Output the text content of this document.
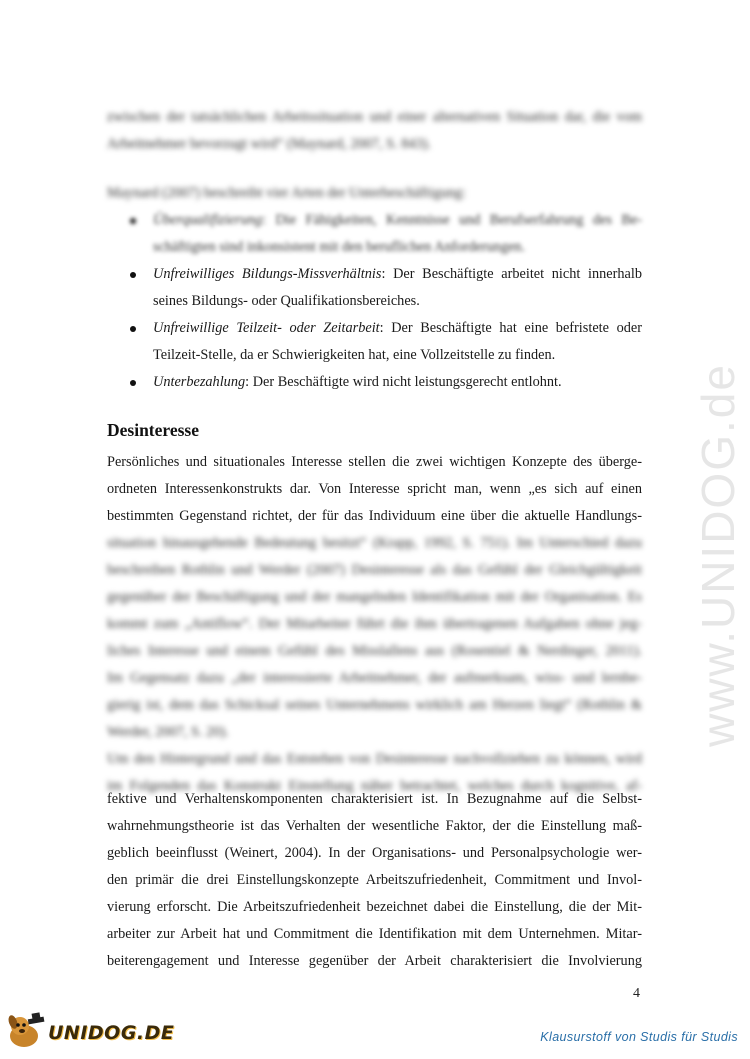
zwischen der tatsächlichen Arbeitssituation und einer alternativen Situation dar, die vom
Arbeitnehmer bevorzugt wird“ (Maynard, 2007, S. 843).
Maynard (2007) beschreibt vier Arten der Unterbeschäftigung:
Überqualifizierung: Die Fähigkeiten, Kenntnisse und Berufserfahrung des Be-
schäftigten sind inkonsistent mit den beruflichen Anforderungen.
Unfreiwilliges Bildungs-Missverhältnis: Der Beschäftigte arbeitet nicht innerhalb
seines Bildungs- oder Qualifikationsbereiches.
Unfreiwillige Teilzeit- oder Zeitarbeit: Der Beschäftigte hat eine befristete oder
Teilzeit-Stelle, da er Schwierigkeiten hat, eine Vollzeitstelle zu finden.
Unterbezahlung: Der Beschäftigte wird nicht leistungsgerecht entlohnt.
Desinteresse
Persönliches und situationales Interesse stellen die zwei wichtigen Konzepte des überge-
ordneten Interessenkonstrukts dar. Von Interesse spricht man, wenn „es sich auf einen
bestimmten Gegenstand richtet, der für das Individuum eine über die aktuelle Handlungs-
situation hinausgehende Bedeutung besitzt“ (Krapp, 1992, S. 751). Im Unterschied dazu
beschreiben Rothlin und Werder (2007) Desinteresse als das Gefühl der Gleichgültigkeit
gegenüber der Beschäftigung und der mangelnden Identifikation mit der Organisation. Es
kommt zum „Antiflow“. Der Mitarbeiter führt die ihm übertragenen Aufgaben ohne jeg-
liches Interesse und einem Gefühl des Misslallens aus (Rosentiel & Nerdinger, 2011).
Im Gegensatz dazu „der interessierte Arbeitnehmer, der aufmerksam, wiss- und lernbe-
gierig ist, dem das Schicksal seines Unternehmens wirklich am Herzen liegt“ (Rothlin &
Werder, 2007, S. 20).
Um den Hintergrund und das Entstehen von Desinteresse nachvollziehen zu können, wird
im Folgenden das Konstrukt Einstellung näher betrachtet, welches durch kognitive, af-
fektive und Verhaltenskomponenten charakterisiert ist. In Bezugnahme auf die Selbst-
wahrnehmungstheorie ist das Verhalten der wesentliche Faktor, der die Einstellung maß-
geblich beeinflusst (Weinert, 2004). In der Organisations- und Personalpsychologie wer-
den primär die drei Einstellungskonzepte Arbeitszufriedenheit, Commitment und Invol-
vierung erforscht. Die Arbeitszufriedenheit bezeichnet dabei die Einstellung, die der Mit-
arbeiter zur Arbeit hat und Commitment die Identifikation mit dem Unternehmen. Mitar-
beiterengagement und Interesse gegenüber der Arbeit charakterisiert die Involvierung
www.UNIDOG.de
4
UNIDOG.DE	Klausurstoff von Studis für Studis
